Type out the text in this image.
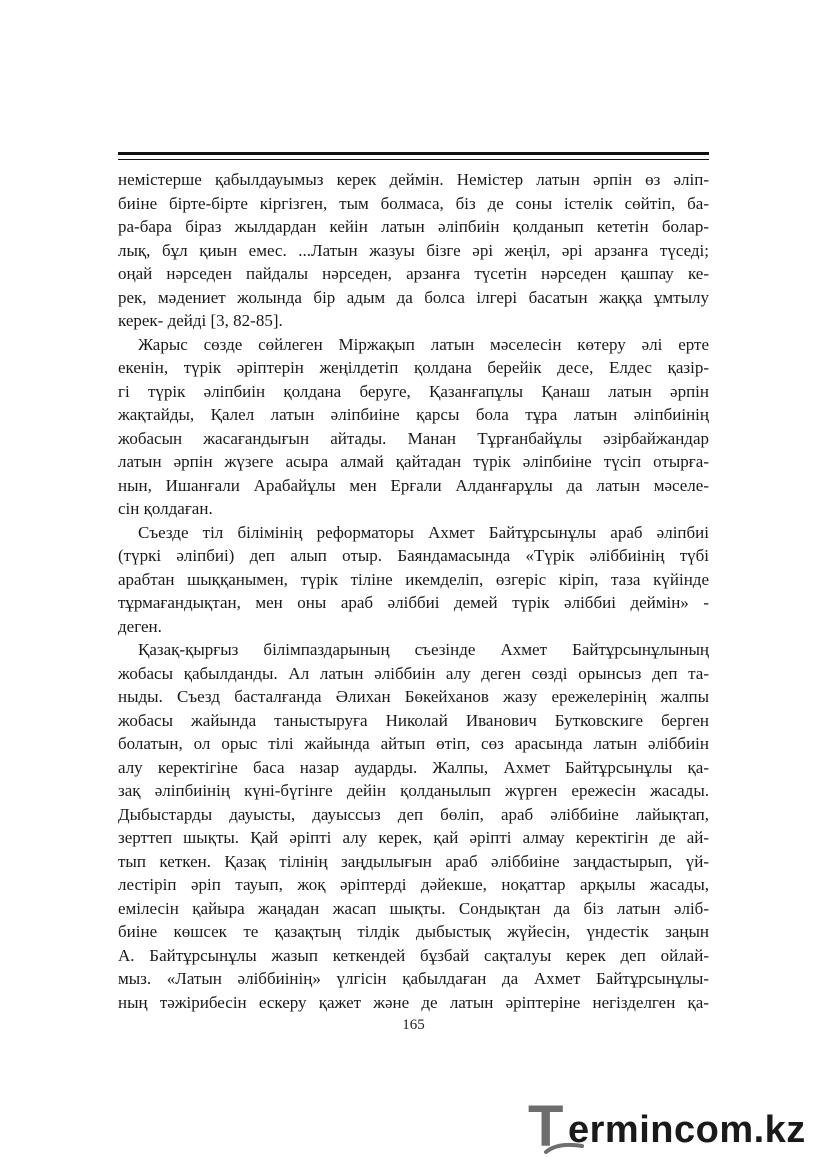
немістерше қабылдауымыз керек деймін. Немістер латын әрпін өз әліп-
биіне бірте-бірте кіргізген, тым болмаса, біз де соны істелік сөйтіп, ба-
ра-бара біраз жылдардан кейін латын әліпбиін қолданып кететін болар-
лық, бұл қиын емес. ...Латын жазуы бізге әрі жеңіл, әрі арзанға түседі;
оңай нәрседен пайдалы нәрседен, арзанға түсетін нәрседен қашпау ке-
рек, мәдениет жолында бір адым да болса ілгері басатын жаққа ұмтылу
керек- дейді [3, 82-85].
Жарыс сөзде сөйлеген Міржақып латын мәселесін көтеру әлі ерте
екенін, түрік әріптерін жеңілдетіп қолдана берейік десе, Елдес қазір-
гі түрік әліпбиін қолдана беруге, Қазанғапұлы Қанаш латын әрпін
жақтайды, Қалел латын әліпбиіне қарсы бола тұра латын әліпбиінің
жобасын жасағандығын айтады. Манан Тұрғанбайұлы әзірбайжандар
латын әрпін жүзеге асыра алмай қайтадан түрік әліпбиіне түсіп отырға-
нын, Ишанғали Арабайұлы мен Ерғали Алданғарұлы да латын мәселе-
сін қолдаған.
Съезде тіл білімінің реформаторы Ахмет Байтұрсынұлы араб әліпбиі
(түркі әліпбиі) деп алып отыр. Баяндамасында «Түрік әліббиінің түбі
арабтан шыққанымен, түрік тіліне икемделіп, өзгеріс кіріп, таза күйінде
тұрмағандықтан, мен оны араб әліббиі демей түрік әліббиі деймін» -
деген.
Қазақ-қырғыз білімпаздарының съезінде Ахмет Байтұрсынұлының
жобасы қабылданды. Ал латын әліббиін алу деген сөзді орынсыз деп та-
ныды. Съезд басталғанда Әлихан Бөкейханов жазу ережелерінің жалпы
жобасы жайында таныстыруға Николай Иванович Бутковскиге берген
болатын, ол орыс тілі жайында айтып өтіп, сөз арасында латын әліббиін
алу керектігіне баса назар аударды. Жалпы, Ахмет Байтұрсынұлы қа-
зақ әліпбиінің күні-бүгінге дейін қолданылып жүрген ережесін жасады.
Дыбыстарды дауысты, дауыссыз деп бөліп, араб әліббиіне лайықтап,
зерттеп шықты. Қай әріпті алу керек, қай әріпті алмау керектігін де ай-
тып кеткен. Қазақ тілінің заңдылығын араб әліббиіне заңдастырып, үй-
лестіріп әріп тауып, жоқ әріптерді дәйекше, ноқаттар арқылы жасады,
емілесін қайыра жаңадан жасап шықты. Сондықтан да біз латын әліб-
биіне көшсек те қазақтың тілдік дыбыстық жүйесін, үндестік заңын
А. Байтұрсынұлы жазып кеткендей бұзбай сақталуы керек деп ойлай-
мыз. «Латын әліббиінің» үлгісін қабылдаған да Ахмет Байтұрсынұлы-
ның тәжірибесін ескеру қажет және де латын әріптеріне негізделген қа-
165
T ermincom.kz
